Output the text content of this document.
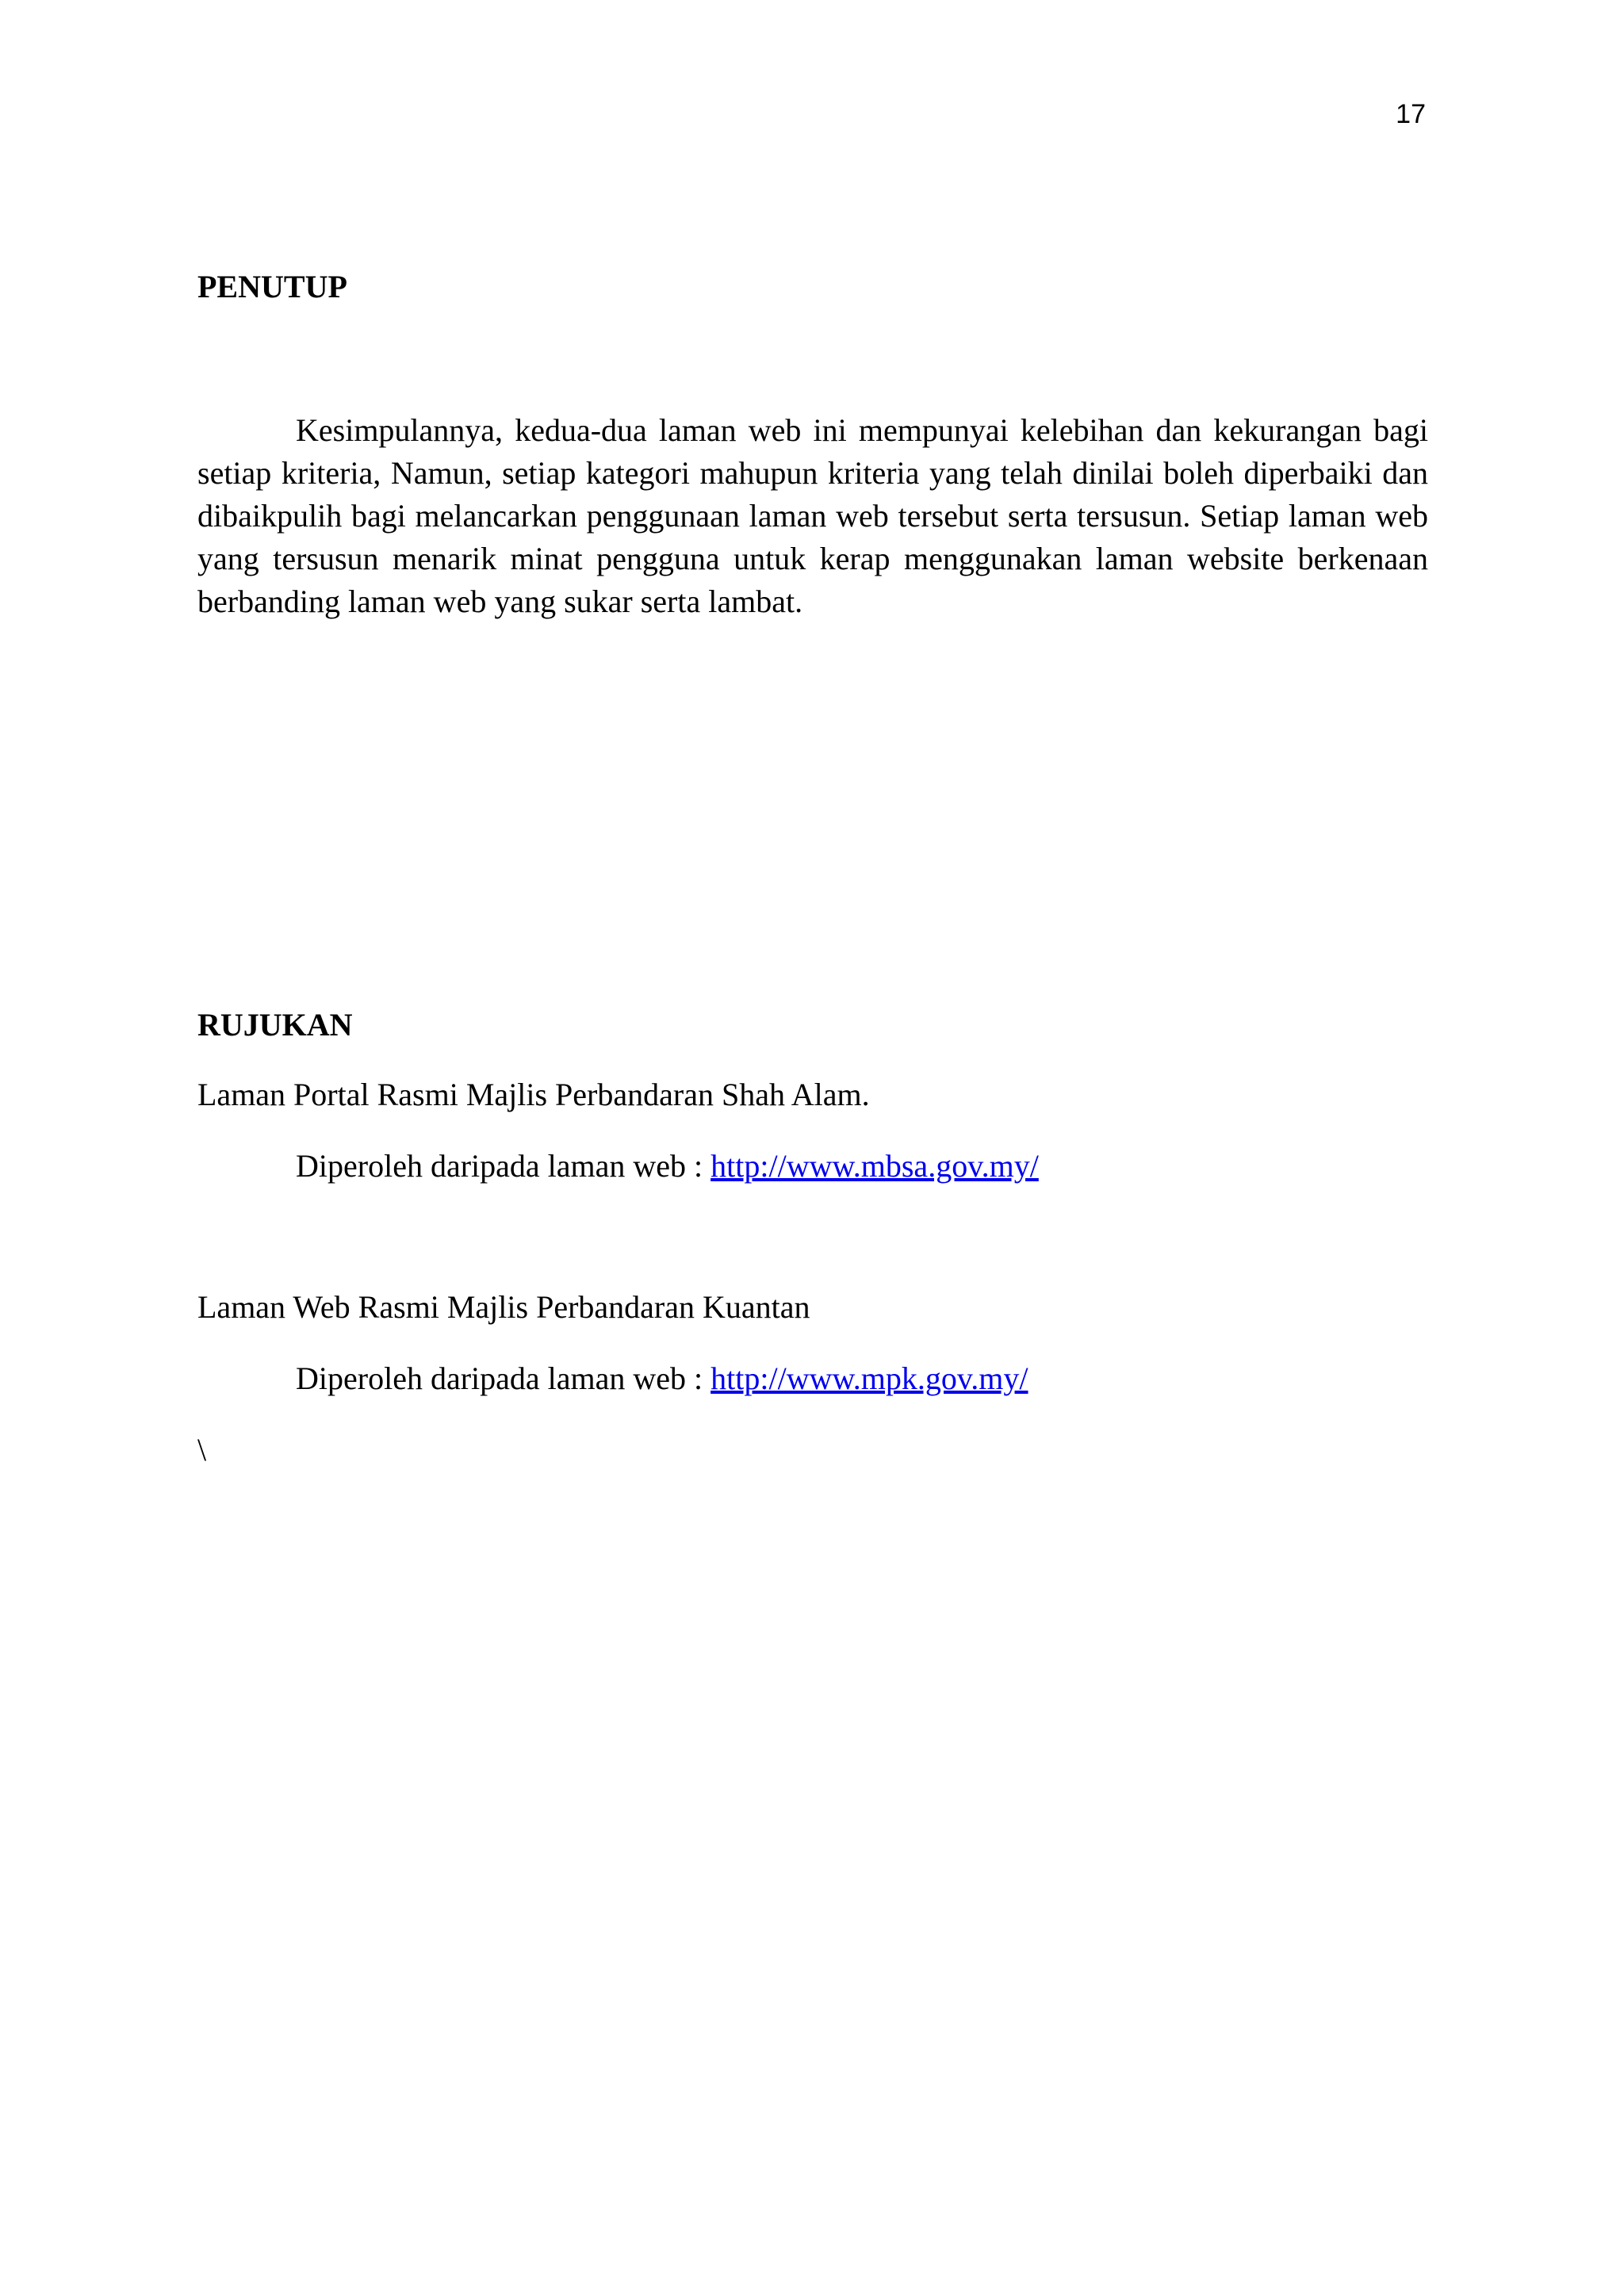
17
PENUTUP

Kesimpulannya, kedua-dua laman web ini mempunyai kelebihan dan kekurangan bagi setiap kriteria, Namun, setiap kategori mahupun kriteria yang telah dinilai boleh diperbaiki dan dibaikpulih bagi melancarkan penggunaan laman web tersebut serta tersusun. Setiap laman web yang tersusun menarik minat pengguna untuk kerap menggunakan laman website berkenaan berbanding laman web yang sukar serta lambat.

RUJUKAN

Laman Portal Rasmi Majlis Perbandaran Shah Alam.

Diperoleh daripada laman web : http://www.mbsa.gov.my/

Laman Web Rasmi Majlis Perbandaran Kuantan

Diperoleh daripada laman web : http://www.mpk.gov.my/

\
